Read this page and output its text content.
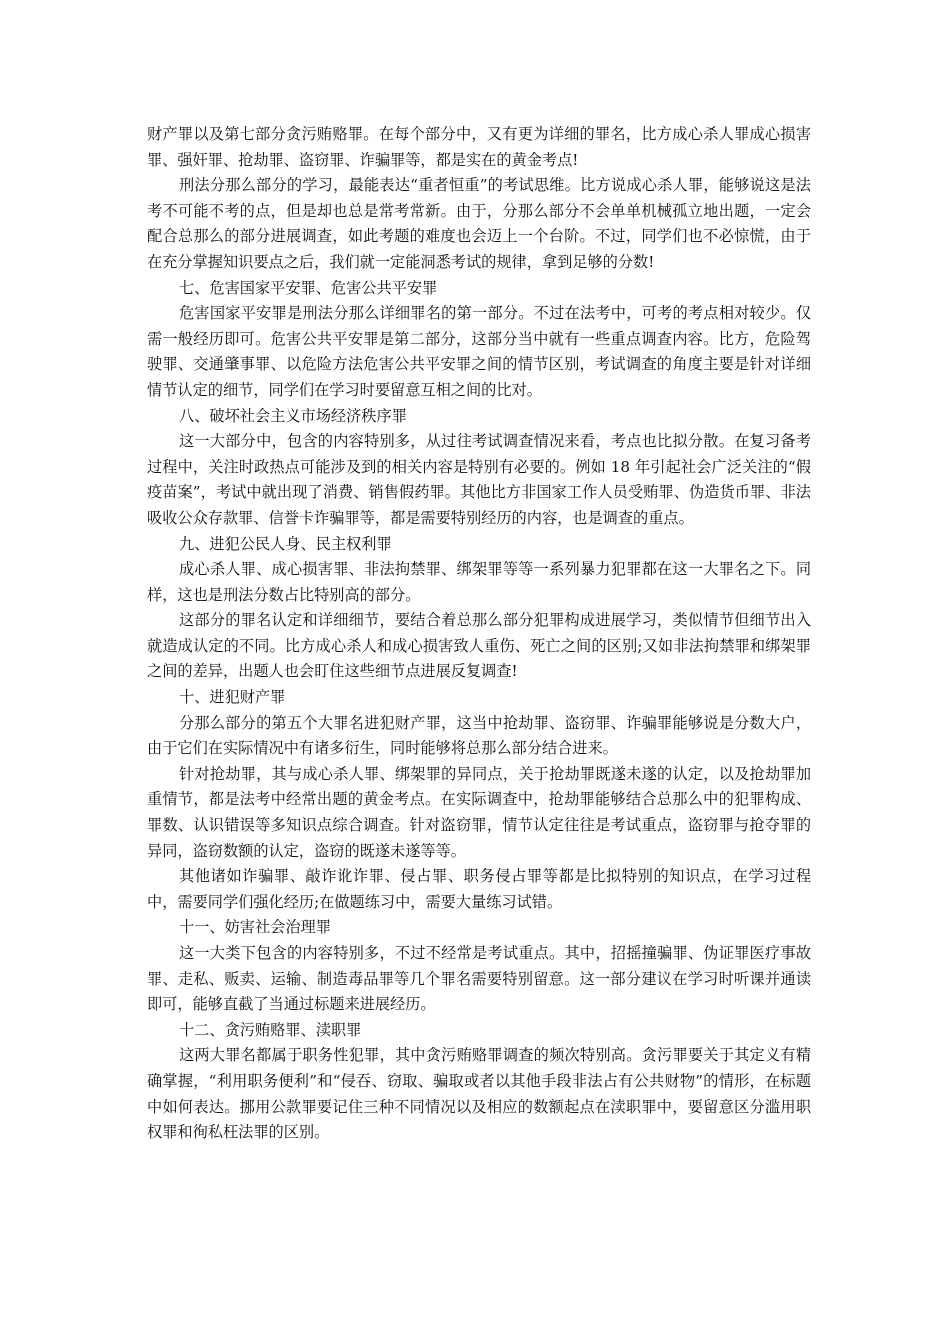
财产罪以及第七部分贪污贿赂罪。在每个部分中，又有更为详细的罪名，比方成心杀人罪成心损害罪、强奸罪、抢劫罪、盗窃罪、诈骗罪等，都是实在的黄金考点!

刑法分那么部分的学习，最能表达“重者恒重”的考试思维。比方说成心杀人罪，能够说这是法考不可能不考的点，但是却也总是常考常新。由于，分那么部分不会单单机械孤立地出题，一定会配合总那么的部分进展调查，如此考题的难度也会迈上一个台阶。不过，同学们也不必惊慌，由于在充分掌握知识要点之后，我们就一定能洞悉考试的规律，拿到足够的分数!

七、危害国家平安罪、危害公共平安罪

危害国家平安罪是刑法分那么详细罪名的第一部分。不过在法考中，可考的考点相对较少。仅需一般经历即可。危害公共平安罪是第二部分，这部分当中就有一些重点调查内容。比方，危险驾驶罪、交通肇事罪、以危险方法危害公共平安罪之间的情节区别，考试调查的角度主要是针对详细情节认定的细节，同学们在学习时要留意互相之间的比对。

八、破坏社会主义市场经济秩序罪

这一大部分中，包含的内容特别多，从过往考试调查情况来看，考点也比拟分散。在复习备考过程中，关注时政热点可能涉及到的相关内容是特别有必要的。例如 18 年引起社会广泛关注的“假疫苗案”，考试中就出现了消费、销售假药罪。其他比方非国家工作人员受贿罪、伪造货币罪、非法吸收公众存款罪、信誉卡诈骗罪等，都是需要特别经历的内容，也是调查的重点。

九、进犯公民人身、民主权利罪

成心杀人罪、成心损害罪、非法拘禁罪、绑架罪等等一系列暴力犯罪都在这一大罪名之下。同样，这也是刑法分数占比特别高的部分。

这部分的罪名认定和详细细节，要结合着总那么部分犯罪构成进展学习，类似情节但细节出入就造成认定的不同。比方成心杀人和成心损害致人重伤、死亡之间的区别;又如非法拘禁罪和绑架罪之间的差异，出题人也会盯住这些细节点进展反复调查!

十、进犯财产罪

分那么部分的第五个大罪名进犯财产罪，这当中抢劫罪、盗窃罪、诈骗罪能够说是分数大户，由于它们在实际情况中有诸多衍生，同时能够将总那么部分结合进来。

针对抢劫罪，其与成心杀人罪、绑架罪的异同点，关于抢劫罪既遂未遂的认定，以及抢劫罪加重情节，都是法考中经常出题的黄金考点。在实际调查中，抢劫罪能够结合总那么中的犯罪构成、罪数、认识错误等多知识点综合调查。针对盗窃罪，情节认定往往是考试重点，盗窃罪与抢夺罪的异同，盗窃数额的认定，盗窃的既遂未遂等等。

其他诸如诈骗罪、敲诈讹诈罪、侵占罪、职务侵占罪等都是比拟特别的知识点，在学习过程中，需要同学们强化经历;在做题练习中，需要大量练习试错。

十一、妨害社会治理罪

这一大类下包含的内容特别多，不过不经常是考试重点。其中，招摇撞骗罪、伪证罪医疗事故罪、走私、贩卖、运输、制造毒品罪等几个罪名需要特别留意。这一部分建议在学习时听课并通读即可，能够直截了当通过标题来进展经历。

十二、贪污贿赂罪、渎职罪

这两大罪名都属于职务性犯罪，其中贪污贿赂罪调查的频次特别高。贪污罪要关于其定义有精确掌握，“利用职务便利”和“侵吞、窃取、骗取或者以其他手段非法占有公共财物”的情形，在标题中如何表达。挪用公款罪要记住三种不同情况以及相应的数额起点在渎职罪中，要留意区分滥用职权罪和徇私枉法罪的区别。
